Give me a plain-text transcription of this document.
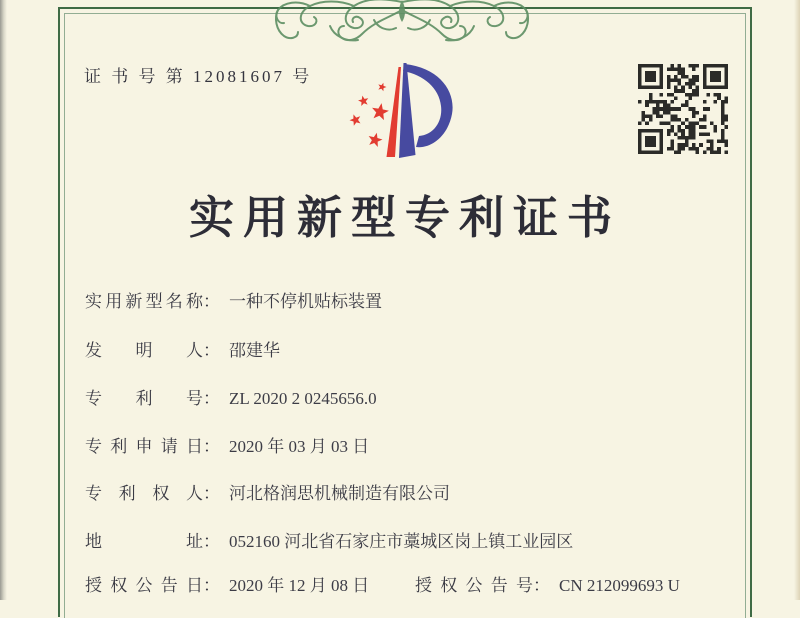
证 书 号 第 12081607 号
实用新型专利证书
实用新型名称： 一种不停机贴标装置
发明人： 邵建华
专利号： ZL 2020 2 0245656.0
专利申请日： 2020 年 03 月 03 日
专利权人： 河北格润思机械制造有限公司
地址： 052160 河北省石家庄市藁城区岗上镇工业园区
授权公告日： 2020 年 12 月 08 日	授权公告号： CN 212099693 U
